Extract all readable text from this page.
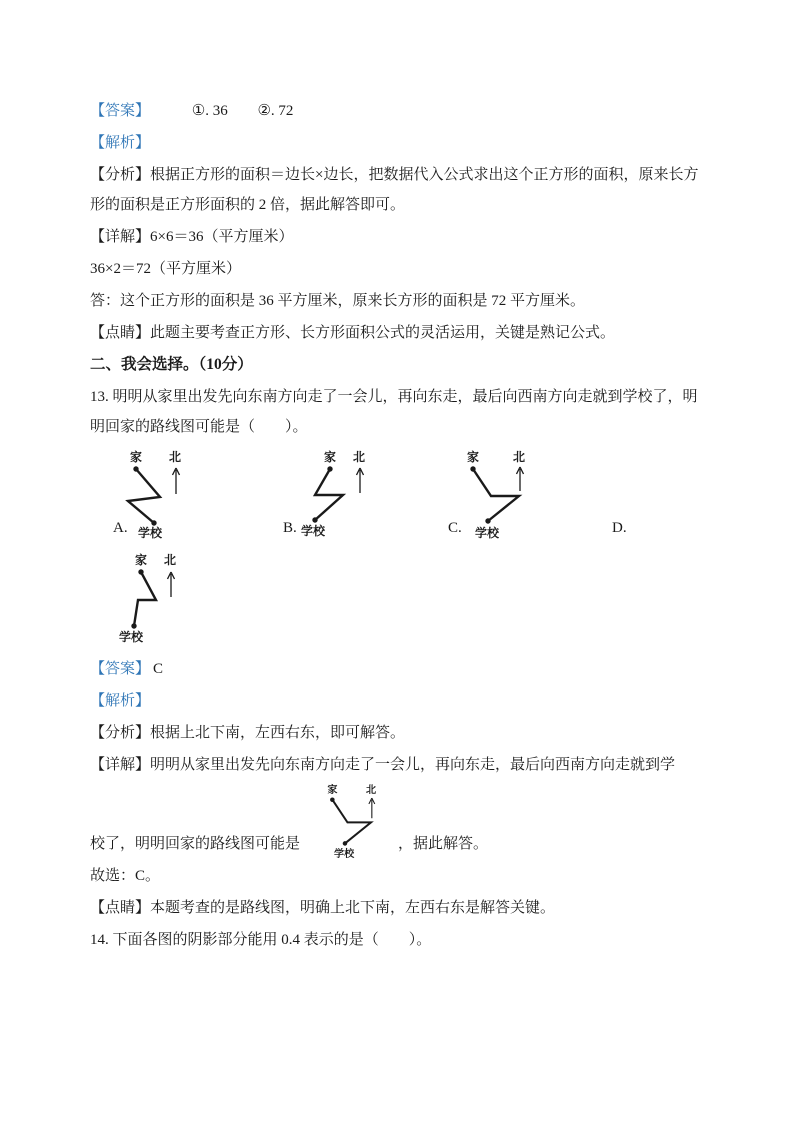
【答案】	①. 36 ②. 72

【解析】

【分析】根据正方形的面积＝边长×边长，把数据代入公式求出这个正方形的面积，原来长方形的面积是正方形面积的 2 倍，据此解答即可。

【详解】6×6＝36（平方厘米）

36×2＝72（平方厘米）

答：这个正方形的面积是 36 平方厘米，原来长方形的面积是 72 平方厘米。

【点睛】此题主要考查正方形、长方形面积公式的灵活运用，关键是熟记公式。

二、我会选择。（10分）

13. 明明从家里出发先向东南方向走了一会儿，再向东走，最后向西南方向走就到学校了，明明回家的路线图可能是（　　）。

家 北
学校
A.
家 北
学校
B.
家	北
学校
C.	D.
家 北
学校

【答案】 C

【解析】

【分析】根据上北下南，左西右东，即可解答。

【详解】明明从家里出发先向东南方向走了一会儿，再向东走，最后向西南方向走就到学

校了，明明回家的路线图可能是
家 北
学校
，据此解答。

故选：C。

【点睛】本题考查的是路线图，明确上北下南，左西右东是解答关键。

14. 下面各图的阴影部分能用 0.4 表示的是（　　）。
